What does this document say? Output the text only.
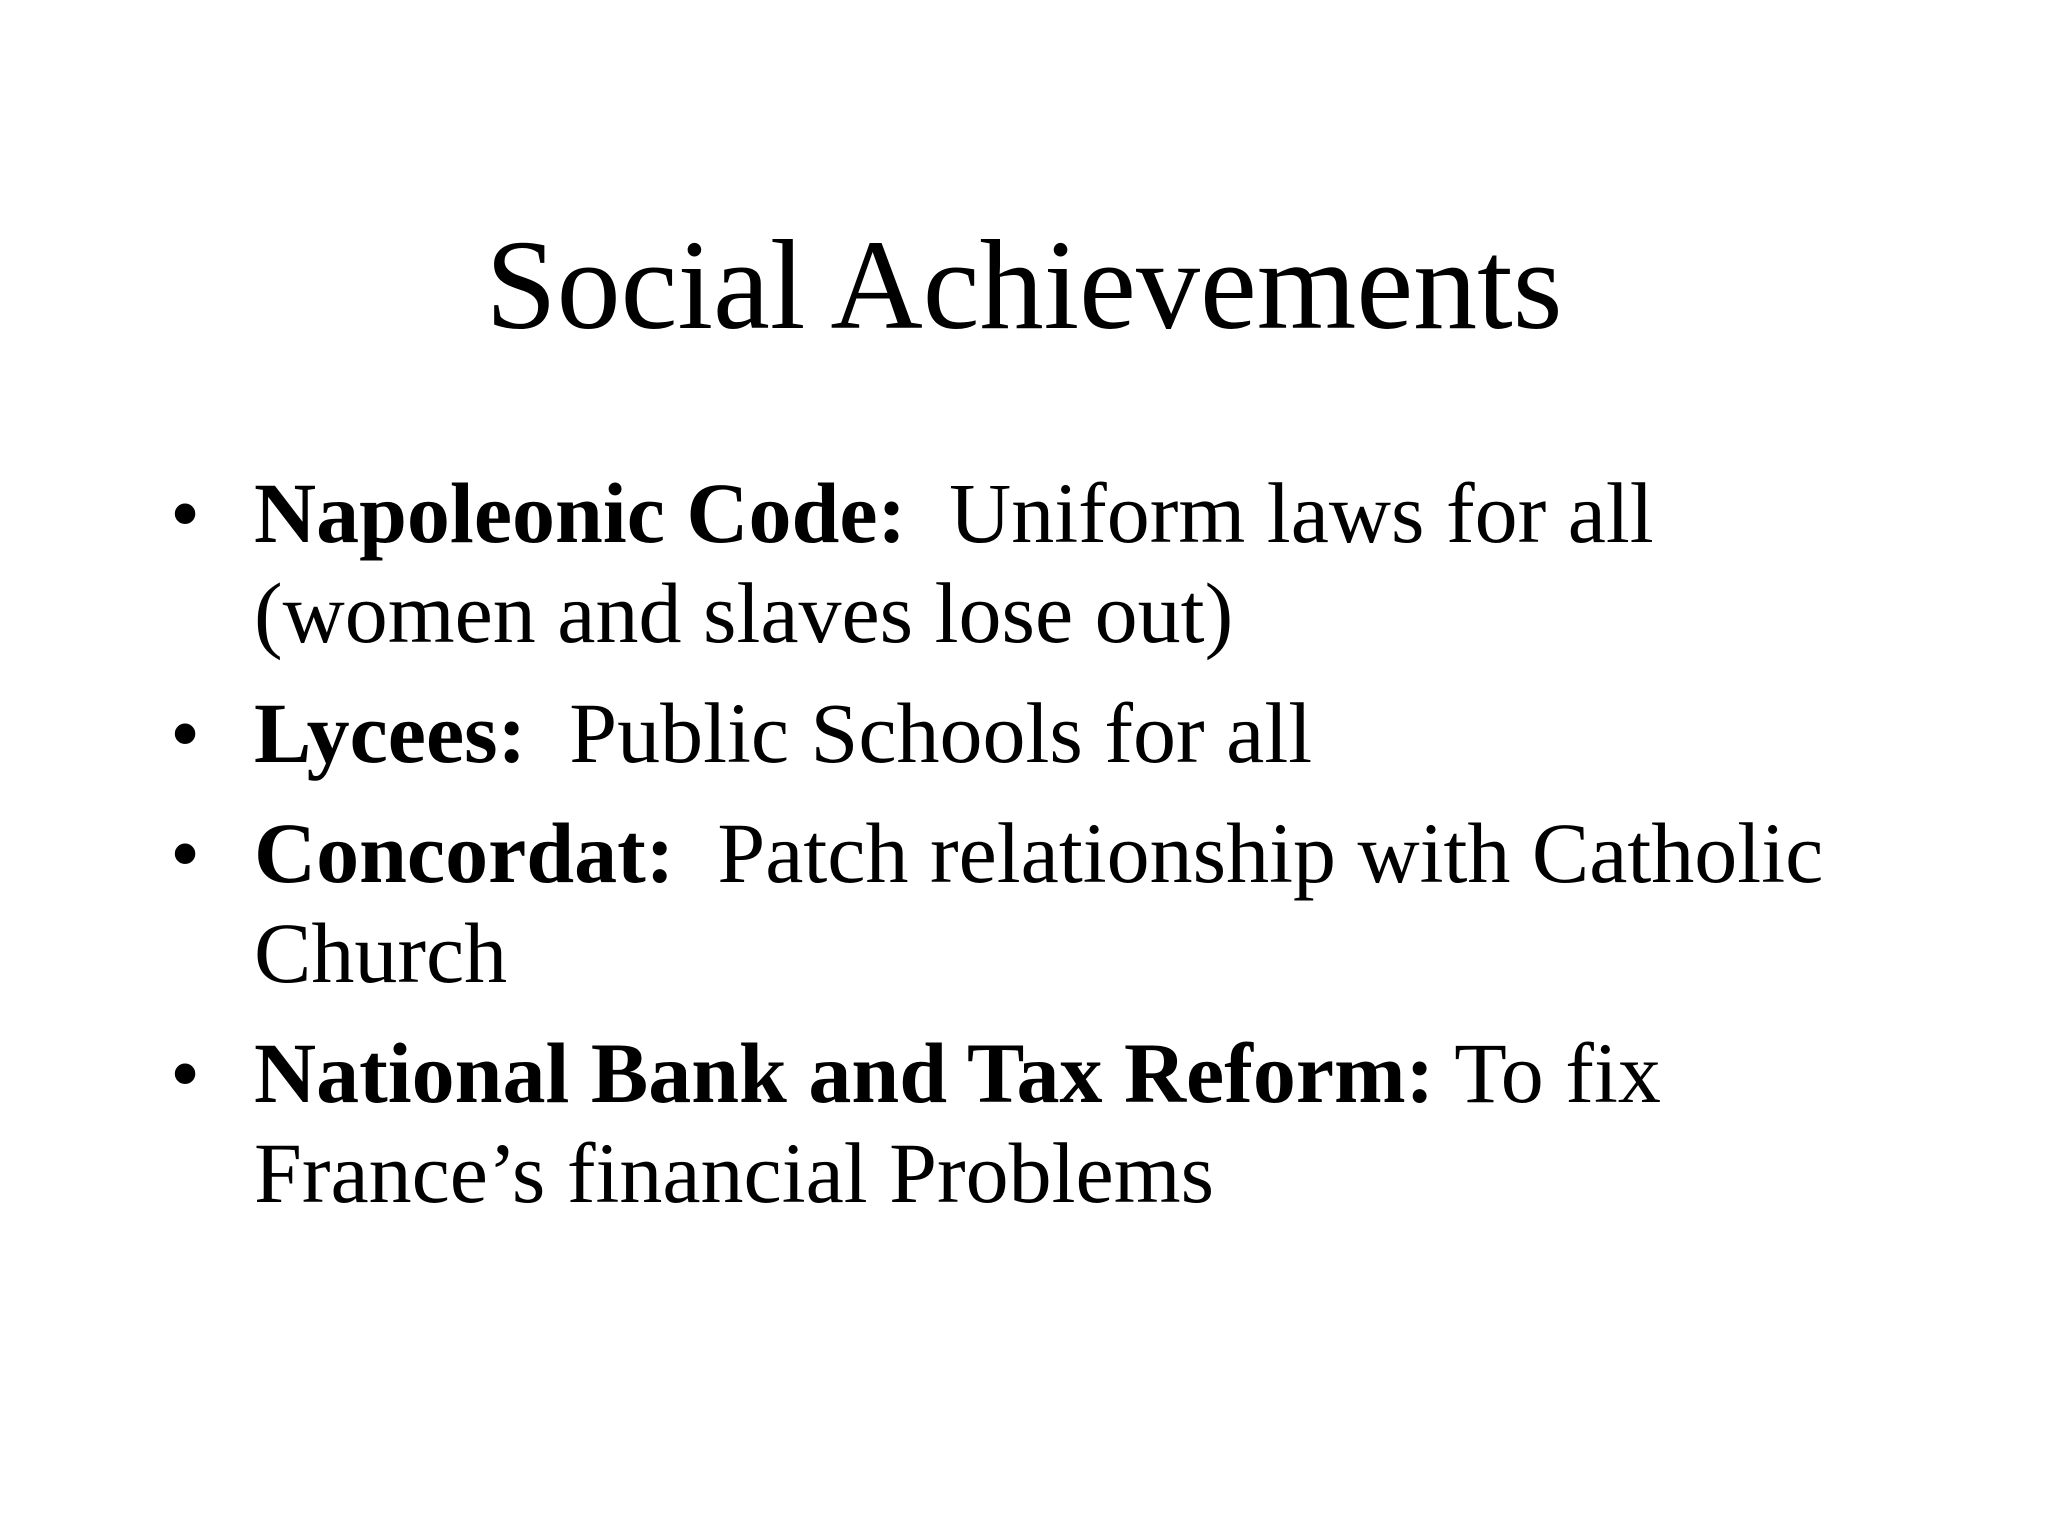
Social Achievements
• Napoleonic Code: Uniform laws for all (women and slaves lose out)
• Lycees: Public Schools for all
• Concordat: Patch relationship with Catholic Church
• National Bank and Tax Reform: To fix France’s financial Problems
